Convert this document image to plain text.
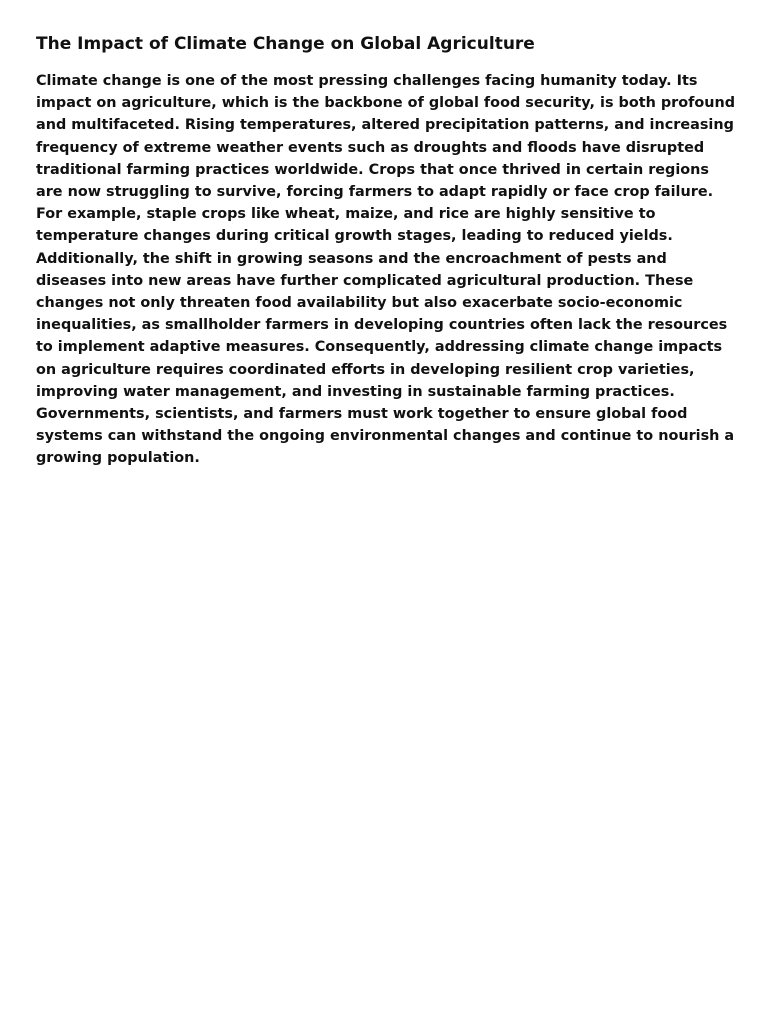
The Impact of Climate Change on Global Agriculture

Climate change is one of the most pressing challenges facing humanity today. Its impact on agriculture, which is the backbone of global food security, is both profound and multifaceted. Rising temperatures, altered precipitation patterns, and increasing frequency of extreme weather events such as droughts and floods have disrupted traditional farming practices worldwide. Crops that once thrived in certain regions are now struggling to survive, forcing farmers to adapt rapidly or face crop failure. For example, staple crops like wheat, maize, and rice are highly sensitive to temperature changes during critical growth stages, leading to reduced yields. Additionally, the shift in growing seasons and the encroachment of pests and diseases into new areas have further complicated agricultural production. These changes not only threaten food availability but also exacerbate socio-economic inequalities, as smallholder farmers in developing countries often lack the resources to implement adaptive measures. Consequently, addressing climate change impacts on agriculture requires coordinated efforts in developing resilient crop varieties, improving water management, and investing in sustainable farming practices. Governments, scientists, and farmers must work together to ensure global food systems can withstand the ongoing environmental changes and continue to nourish a growing population.
